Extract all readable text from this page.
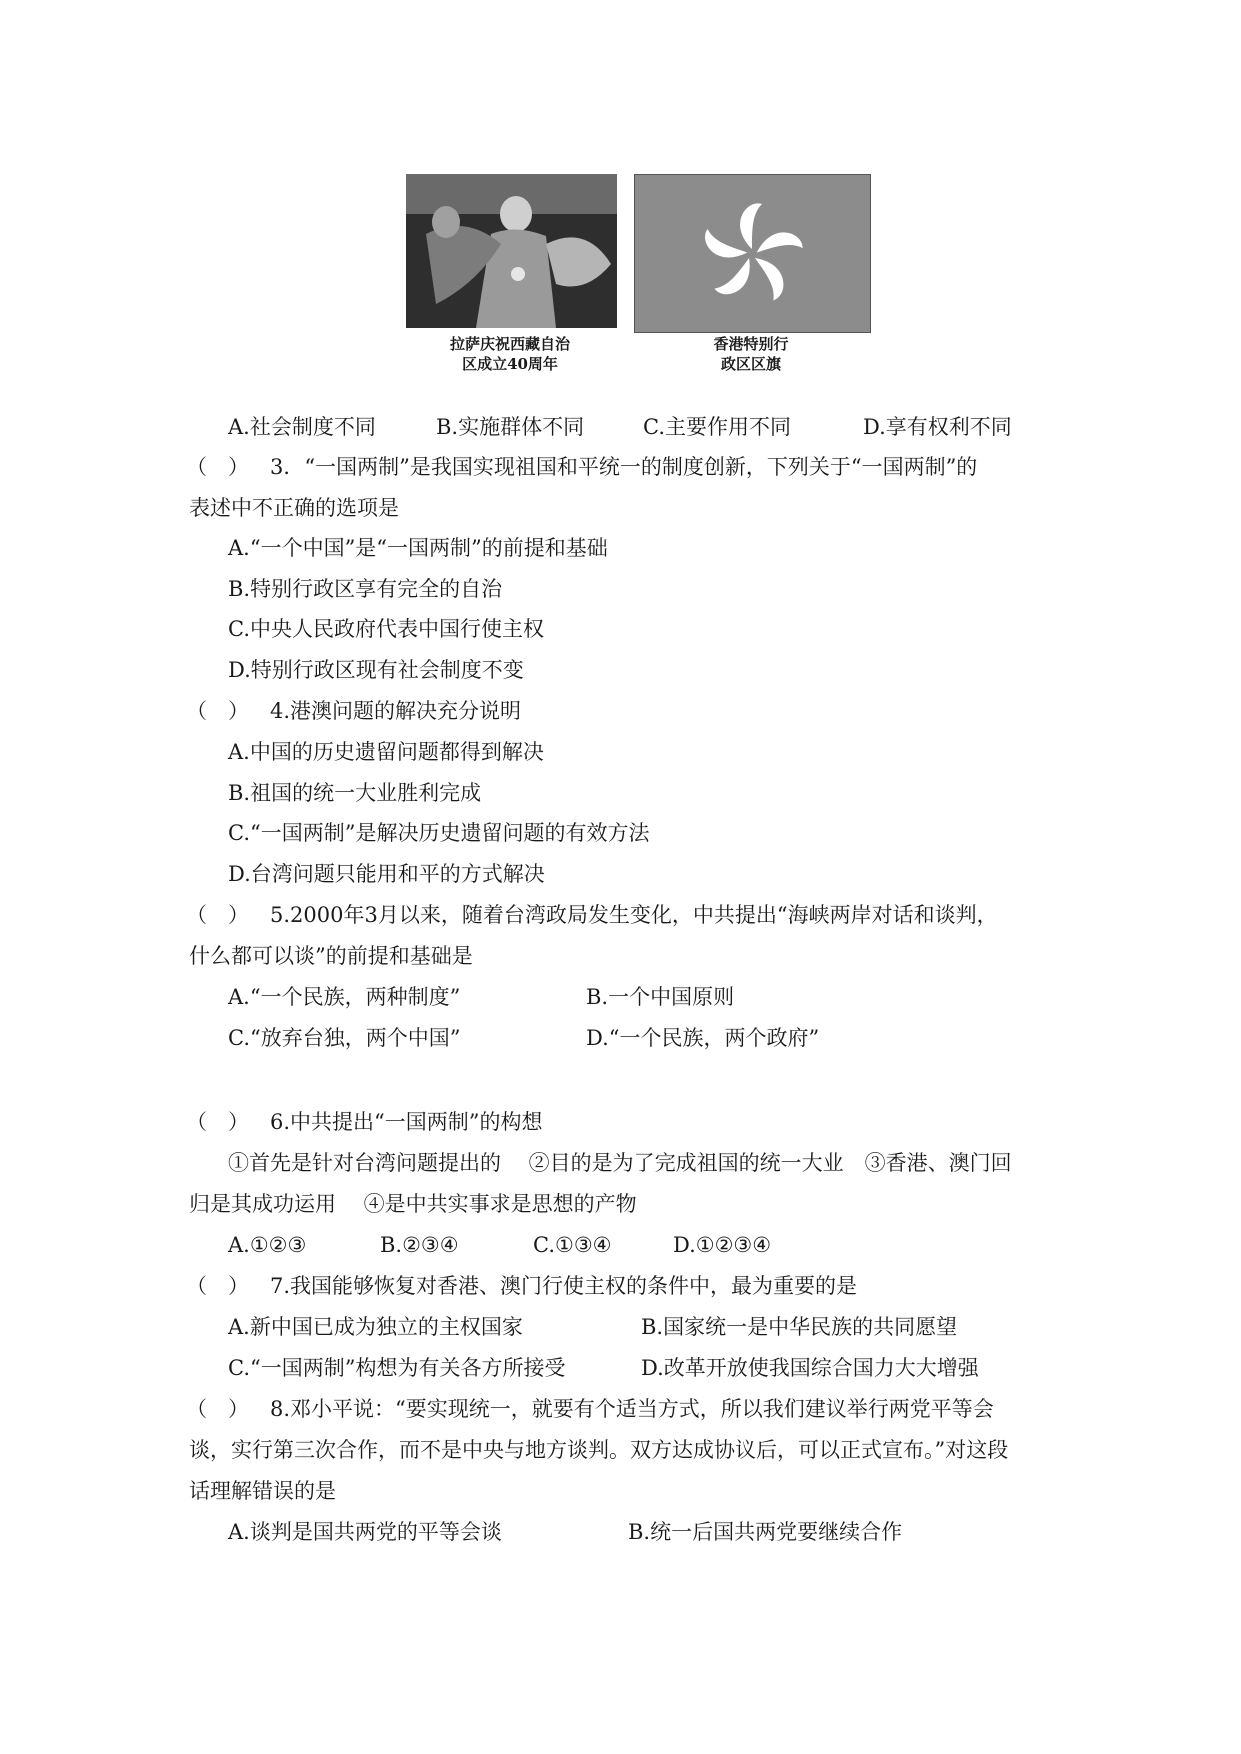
拉萨庆祝西藏自治
区成立40周年
香港特别行
政区区旗
A.社会制度不同	B.实施群体不同	C.主要作用不同	D.享有权利不同
（　） 3．“一国两制”是我国实现祖国和平统一的制度创新，下列关于“一国两制”的
表述中不正确的选项是
A.“一个中国”是“一国两制”的前提和基础
B.特别行政区享有完全的自治
C.中央人民政府代表中国行使主权
D.特别行政区现有社会制度不变
（　） 4.港澳问题的解决充分说明
A.中国的历史遗留问题都得到解决
B.祖国的统一大业胜利完成
C.“一国两制”是解决历史遗留问题的有效方法
D.台湾问题只能用和平的方式解决
（　） 5.2000年3月以来，随着台湾政局发生变化，中共提出“海峡两岸对话和谈判，
什么都可以谈”的前提和基础是
A.“一个民族，两种制度”	B.一个中国原则
C.“放弃台独，两个中国”	D.“一个民族，两个政府”
（　） 6.中共提出“一国两制”的构想
①首先是针对台湾问题提出的　 ②目的是为了完成祖国的统一大业　③香港、澳门回
归是其成功运用　 ④是中共实事求是思想的产物
A.①②③	B.②③④	C.①③④	D.①②③④
（　） 7.我国能够恢复对香港、澳门行使主权的条件中，最为重要的是
A.新中国已成为独立的主权国家	B.国家统一是中华民族的共同愿望
C.“一国两制”构想为有关各方所接受	D.改革开放使我国综合国力大大增强
（　） 8.邓小平说：“要实现统一，就要有个适当方式，所以我们建议举行两党平等会
谈，实行第三次合作，而不是中央与地方谈判。双方达成协议后，可以正式宣布。”对这段
话理解错误的是
A.谈判是国共两党的平等会谈	B.统一后国共两党要继续合作
